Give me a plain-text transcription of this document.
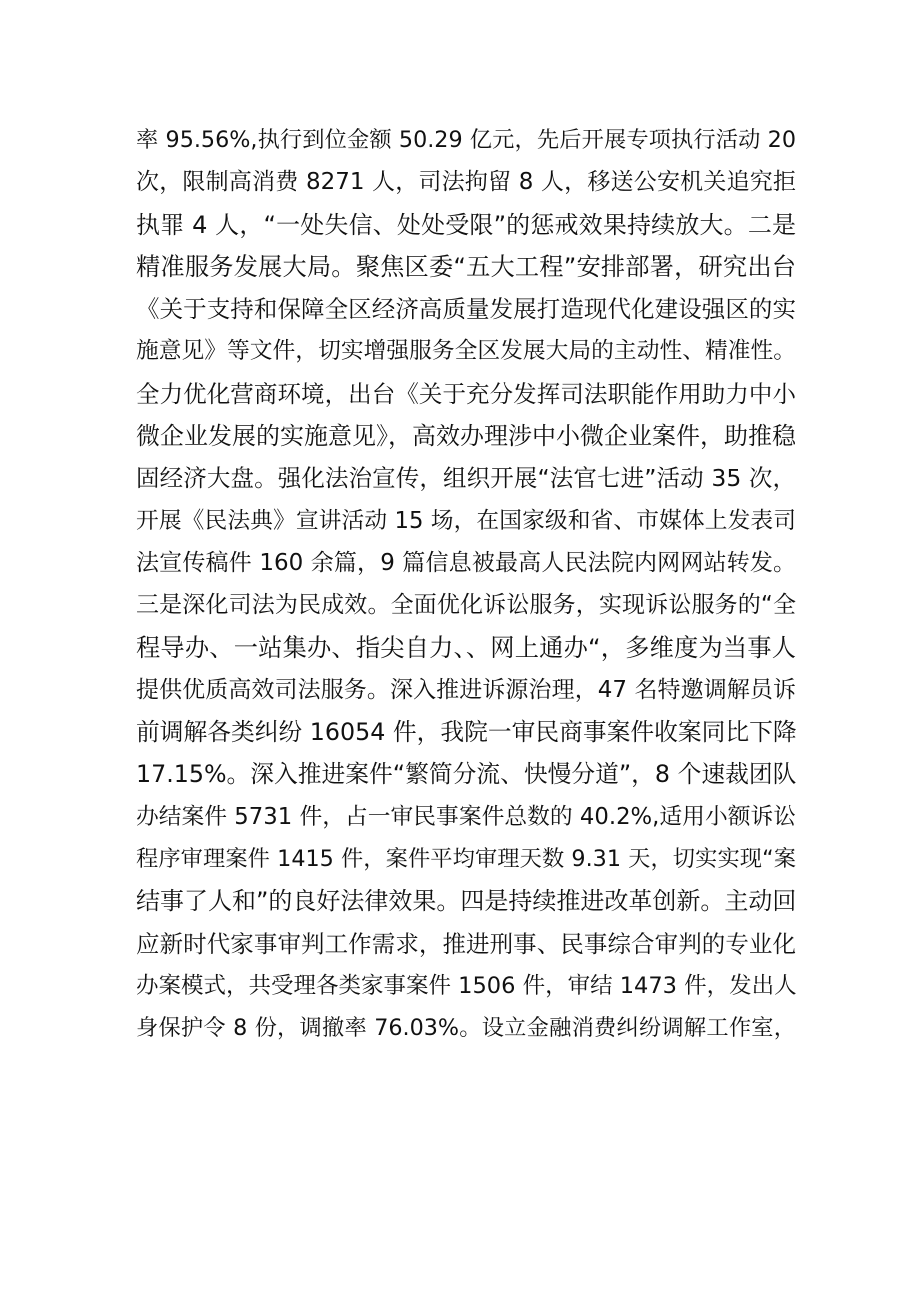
率 95.56%,执行到位金额 50.29 亿元，先后开展专项执行活动 20
次，限制高消费 8271 人，司法拘留 8 人，移送公安机关追究拒
执罪 4 人，“一处失信、处处受限”的惩戒效果持续放大。二是
精准服务发展大局。聚焦区委“五大工程”安排部署，研究出台
《关于支持和保障全区经济高质量发展打造现代化建设强区的实
施意见》等文件，切实增强服务全区发展大局的主动性、精准性。
全力优化营商环境，出台《关于充分发挥司法职能作用助力中小
微企业发展的实施意见》，高效办理涉中小微企业案件，助推稳
固经济大盘。强化法治宣传，组织开展“法官七进”活动 35 次，
开展《民法典》宣讲活动 15 场，在国家级和省、市媒体上发表司
法宣传稿件 160 余篇，9 篇信息被最高人民法院内网网站转发。
三是深化司法为民成效。全面优化诉讼服务，实现诉讼服务的“全
程导办、一站集办、指尖自力、、网上通办“，多维度为当事人
提供优质高效司法服务。深入推进诉源治理，47 名特邀调解员诉
前调解各类纠纷 16054 件，我院一审民商事案件收案同比下降
17.15%。深入推进案件“繁简分流、快慢分道”，8 个速裁团队
办结案件 5731 件，占一审民事案件总数的 40.2%,适用小额诉讼
程序审理案件 1415 件，案件平均审理天数 9.31 天，切实实现“案
结事了人和”的良好法律效果。四是持续推进改革创新。主动回
应新时代家事审判工作需求，推进刑事、民事综合审判的专业化
办案模式，共受理各类家事案件 1506 件，审结 1473 件，发出人
身保护令 8 份，调撤率 76.03%。设立金融消费纠纷调解工作室，
